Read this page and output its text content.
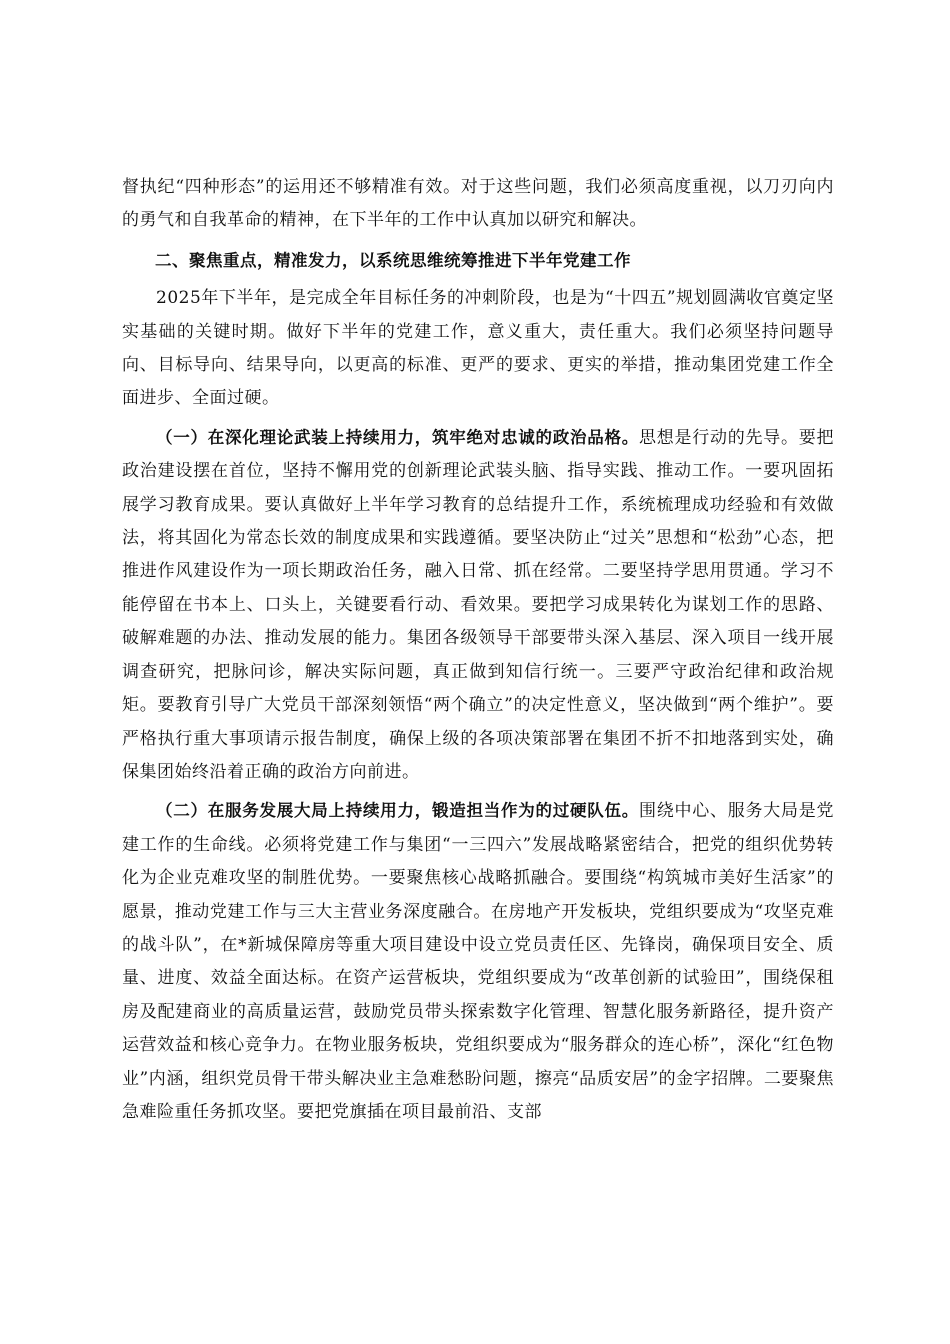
督执纪“四种形态”的运用还不够精准有效。对于这些问题，我们必须高度重视，以刀刃向内的勇气和自我革命的精神，在下半年的工作中认真加以研究和解决。

二、聚焦重点，精准发力，以系统思维统筹推进下半年党建工作

2025年下半年，是完成全年目标任务的冲刺阶段，也是为“十四五”规划圆满收官奠定坚实基础的关键时期。做好下半年的党建工作，意义重大，责任重大。我们必须坚持问题导向、目标导向、结果导向，以更高的标准、更严的要求、更实的举措，推动集团党建工作全面进步、全面过硬。

（一）在深化理论武装上持续用力，筑牢绝对忠诚的政治品格。思想是行动的先导。要把政治建设摆在首位，坚持不懈用党的创新理论武装头脑、指导实践、推动工作。一要巩固拓展学习教育成果。要认真做好上半年学习教育的总结提升工作，系统梳理成功经验和有效做法，将其固化为常态长效的制度成果和实践遵循。要坚决防止“过关”思想和“松劲”心态，把推进作风建设作为一项长期政治任务，融入日常、抓在经常。二要坚持学思用贯通。学习不能停留在书本上、口头上，关键要看行动、看效果。要把学习成果转化为谋划工作的思路、破解难题的办法、推动发展的能力。集团各级领导干部要带头深入基层、深入项目一线开展调查研究，把脉问诊，解决实际问题，真正做到知信行统一。三要严守政治纪律和政治规矩。要教育引导广大党员干部深刻领悟“两个确立”的决定性意义，坚决做到“两个维护”。要严格执行重大事项请示报告制度，确保上级的各项决策部署在集团不折不扣地落到实处，确保集团始终沿着正确的政治方向前进。

（二）在服务发展大局上持续用力，锻造担当作为的过硬队伍。围绕中心、服务大局是党建工作的生命线。必须将党建工作与集团“一三四六”发展战略紧密结合，把党的组织优势转化为企业克难攻坚的制胜优势。一要聚焦核心战略抓融合。要围绕“构筑城市美好生活家”的愿景，推动党建工作与三大主营业务深度融合。在房地产开发板块，党组织要成为“攻坚克难的战斗队”，在*新城保障房等重大项目建设中设立党员责任区、先锋岗，确保项目安全、质量、进度、效益全面达标。在资产运营板块，党组织要成为“改革创新的试验田”，围绕保租房及配建商业的高质量运营，鼓励党员带头探索数字化管理、智慧化服务新路径，提升资产运营效益和核心竞争力。在物业服务板块，党组织要成为“服务群众的连心桥”，深化“红色物业”内涵，组织党员骨干带头解决业主急难愁盼问题，擦亮“品质安居”的金字招牌。二要聚焦急难险重任务抓攻坚。要把党旗插在项目最前沿、支部
